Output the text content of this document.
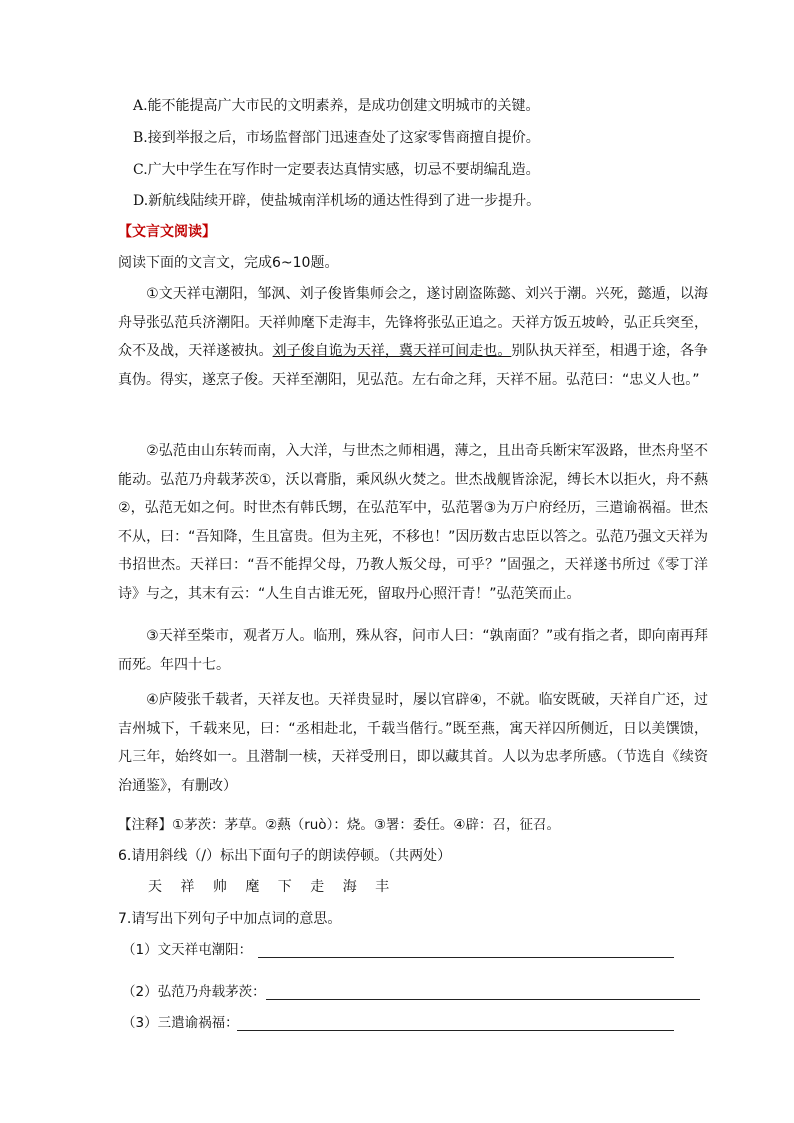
A.能不能提高广大市民的文明素养，是成功创建文明城市的关键。
B.接到举报之后，市场监督部门迅速查处了这家零售商擅自提价。
C.广大中学生在写作时一定要表达真情实感，切忌不要胡编乱造。
D.新航线陆续开辟，使盐城南洋机场的通达性得到了进一步提升。
【文言文阅读】
阅读下面的文言文，完成6~10题。
①文天祥屯潮阳，邹沨、刘子俊皆集师会之，遂讨剧盗陈懿、刘兴于潮。兴死，懿遁，以海舟导张弘范兵济潮阳。天祥帅麾下走海丰，先锋将张弘正追之。天祥方饭五坡岭，弘正兵突至，众不及战，天祥遂被执。刘子俊自诡为天祥，冀天祥可间走也。别队执天祥至，相遇于途，各争真伪。得实，遂烹子俊。天祥至潮阳，见弘范。左右命之拜，天祥不屈。弘范曰：“忠义人也。”
②弘范由山东转而南，入大洋，与世杰之师相遇，薄之，且出奇兵断宋军汲路，世杰舟坚不能动。弘范乃舟载茅茨①，沃以膏脂，乘风纵火焚之。世杰战舰皆涂泥，缚长木以拒火，舟不爇②，弘范无如之何。时世杰有韩氏甥，在弘范军中，弘范署③为万户府经历，三遣谕祸福。世杰不从，曰：“吾知降，生且富贵。但为主死，不移也！”因历数古忠臣以答之。弘范乃强文天祥为书招世杰。天祥曰：“吾不能捍父母，乃教人叛父母，可乎？”固强之，天祥遂书所过《零丁洋诗》与之，其末有云：“人生自古谁无死，留取丹心照汗青！”弘范笑而止。
③天祥至柴市，观者万人。临刑，殊从容，问市人曰：“孰南面？”或有指之者，即向南再拜而死。年四十七。
④庐陵张千载者，天祥友也。天祥贵显时，屡以官辟④，不就。临安既破，天祥自广还，过吉州城下，千载来见，曰：“丞相赴北，千载当偕行。”既至燕，寓天祥囚所侧近，日以美馔馈，凡三年，始终如一。且潜制一椟，天祥受刑日，即以藏其首。人以为忠孝所感。（节选自《续资治通鉴》，有删改）
【注释】①茅茨：茅草。②爇（ruò）：烧。③署：委任。④辟：召，征召。
6.请用斜线（/）标出下面句子的朗读停顿。（共两处）
天 祥 帅 麾 下 走 海 丰
7.请写出下列句子中加点词的意思。
（1）文天祥屯潮阳：
（2）弘范乃舟载茅茨：
（3）三遣谕祸福：
